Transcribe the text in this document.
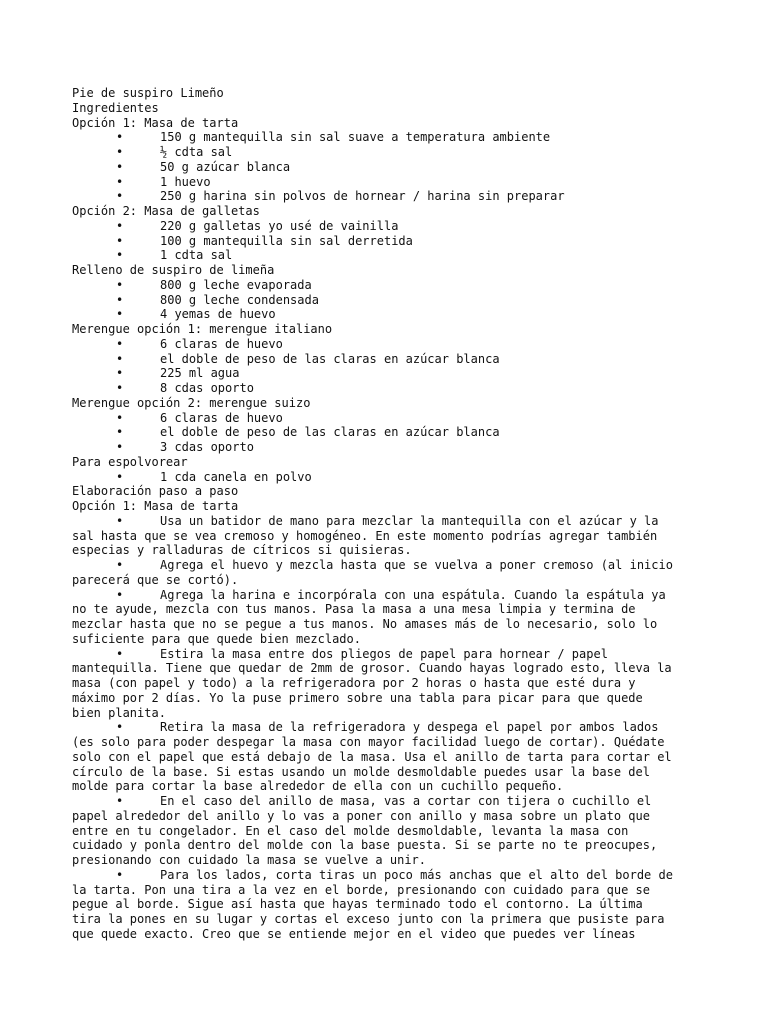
Pie de suspiro Limeño
Ingredientes
Opción 1: Masa de tarta
•	150 g mantequilla sin sal suave a temperatura ambiente
•	½ cdta sal
•	50 g azúcar blanca
•	1 huevo
•	250 g harina sin polvos de hornear / harina sin preparar
Opción 2: Masa de galletas
•	220 g galletas yo usé de vainilla
•	100 g mantequilla sin sal derretida
•	1 cdta sal
Relleno de suspiro de limeña
•	800 g leche evaporada
•	800 g leche condensada
•	4 yemas de huevo
Merengue opción 1: merengue italiano
•	6 claras de huevo
•	el doble de peso de las claras en azúcar blanca
•	225 ml agua
•	8 cdas oporto
Merengue opción 2: merengue suizo
•	6 claras de huevo
•	el doble de peso de las claras en azúcar blanca
•	3 cdas oporto
Para espolvorear
•	1 cda canela en polvo
Elaboración paso a paso
Opción 1: Masa de tarta
•	Usa un batidor de mano para mezclar la mantequilla con el azúcar y la
sal hasta que se vea cremoso y homogéneo. En este momento podrías agregar también
especias y ralladuras de cítricos si quisieras.
•	Agrega el huevo y mezcla hasta que se vuelva a poner cremoso (al inicio
parecerá que se cortó).
•	Agrega la harina e incorpórala con una espátula. Cuando la espátula ya
no te ayude, mezcla con tus manos. Pasa la masa a una mesa limpia y termina de
mezclar hasta que no se pegue a tus manos. No amases más de lo necesario, solo lo
suficiente para que quede bien mezclado.
•	Estira la masa entre dos pliegos de papel para hornear / papel
mantequilla. Tiene que quedar de 2mm de grosor. Cuando hayas logrado esto, lleva la
masa (con papel y todo) a la refrigeradora por 2 horas o hasta que esté dura y
máximo por 2 días. Yo la puse primero sobre una tabla para picar para que quede
bien planita.
•	Retira la masa de la refrigeradora y despega el papel por ambos lados
(es solo para poder despegar la masa con mayor facilidad luego de cortar). Quédate
solo con el papel que está debajo de la masa. Usa el anillo de tarta para cortar el
círculo de la base. Si estas usando un molde desmoldable puedes usar la base del
molde para cortar la base alrededor de ella con un cuchillo pequeño.
•	En el caso del anillo de masa, vas a cortar con tijera o cuchillo el
papel alrededor del anillo y lo vas a poner con anillo y masa sobre un plato que
entre en tu congelador. En el caso del molde desmoldable, levanta la masa con
cuidado y ponla dentro del molde con la base puesta. Si se parte no te preocupes,
presionando con cuidado la masa se vuelve a unir.
•	Para los lados, corta tiras un poco más anchas que el alto del borde de
la tarta. Pon una tira a la vez en el borde, presionando con cuidado para que se
pegue al borde. Sigue así hasta que hayas terminado todo el contorno. La última
tira la pones en su lugar y cortas el exceso junto con la primera que pusiste para
que quede exacto. Creo que se entiende mejor en el video que puedes ver líneas
